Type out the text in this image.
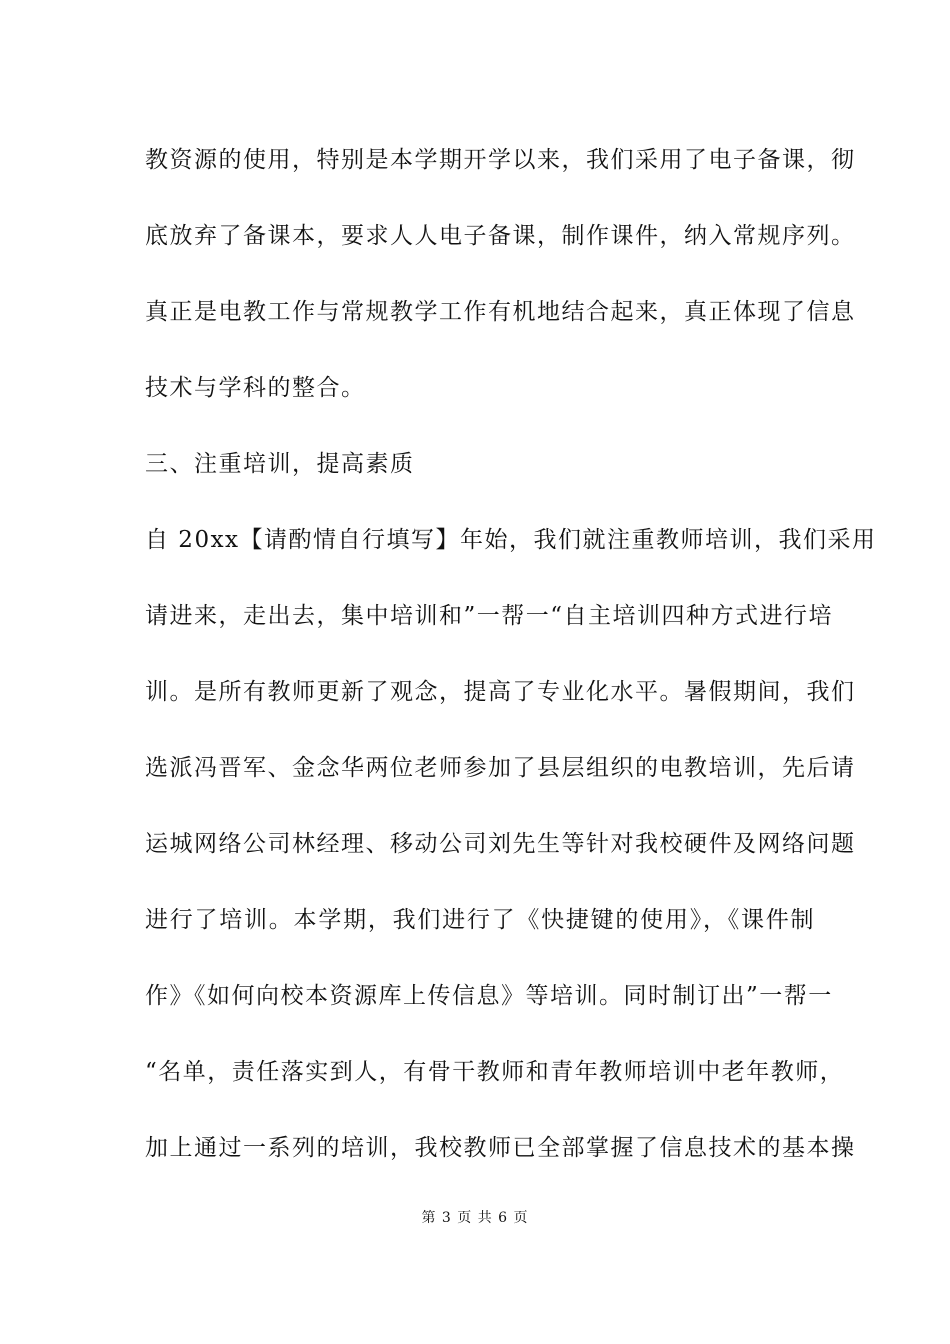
教资源的使用，特别是本学期开学以来，我们采用了电子备课，彻
底放弃了备课本，要求人人电子备课，制作课件，纳入常规序列。
真正是电教工作与常规教学工作有机地结合起来，真正体现了信息
技术与学科的整合。
三、注重培训，提高素质
自 20xx【请酌情自行填写】年始，我们就注重教师培训，我们采用
请进来，走出去，集中培训和”一帮一“自主培训四种方式进行培
训。是所有教师更新了观念，提高了专业化水平。暑假期间，我们
选派冯晋军、金念华两位老师参加了县层组织的电教培训，先后请
运城网络公司林经理、移动公司刘先生等针对我校硬件及网络问题
进行了培训。本学期，我们进行了《快捷键的使用》，《课件制
作》《如何向校本资源库上传信息》等培训。同时制订出”一帮一
“名单，责任落实到人，有骨干教师和青年教师培训中老年教师，
加上通过一系列的培训，我校教师已全部掌握了信息技术的基本操
第 3 页 共 6 页
